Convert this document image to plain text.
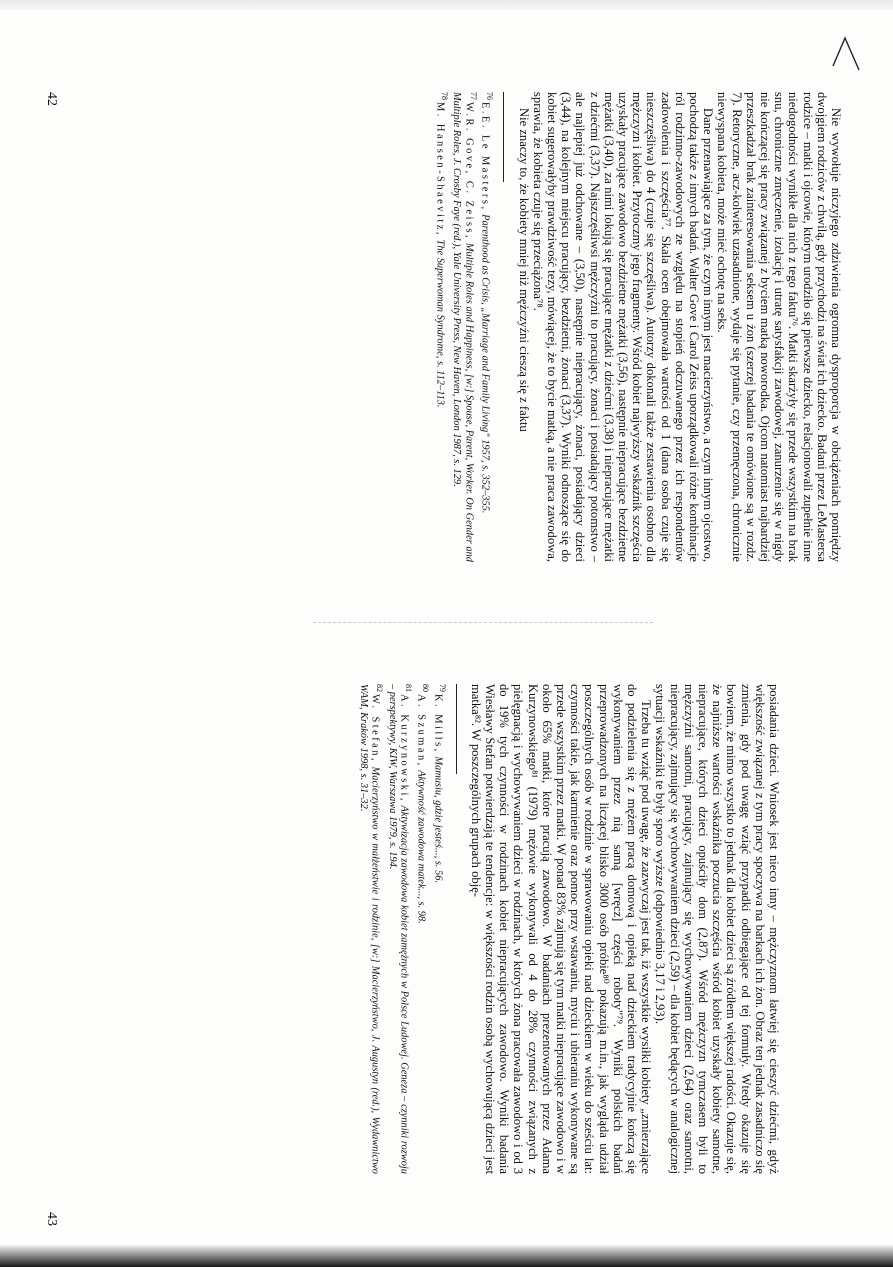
Nie wywołuje niczyjego zdziwienia ogromna dysproporcja w obciążeniach pomiędzy dwojgiem rodziców z chwilą, gdy przychodzi na świat ich dziecko. Badani przez LeMastersa rodzice – matki i ojcowie, którym urodziło się pierwsze dziecko, relacjonowali zupełnie inne niedogodności wynikłe dla nich z tego faktu⁷⁶. Matki skarżyły się przede wszystkim na brak snu, chroniczne zmęczenie, izolację i utratę satysfakcji zawodowej, zanurzenie się w nigdy nie kończącej się pracy związanej z byciem matką noworodka. Ojcom natomiast najbardziej przeszkadzał brak zainteresowania seksem u żon (szerzej badania te omówione są w rozdz. 7). Retoryczne, acz-kolwiek uzasadnione, wydaje się pytanie, czy przemęczona, chronicznie niewyspana kobieta, może mieć ochotę na seks.

Dane przenawiające za tym, że czym innym jest macierzyństwo, a czym innym ojcostwo, pochodzą także z innych badań. Walter Gove i Carol Zeiss uporządkowali różne kombinacje ról rodzinno-zawodowych ze względu na stopień odczuwanego przez ich respondentów zadowolenia i szczęścia⁷⁷. Skala ocen obejmowała wartości od 1 (dana osoba czuje się nieszczęśliwa) do 4 (czuje się szczęśliwa). Autorzy dokonali także zestawienia osobno dla mężczyzn i kobiet. Przytoczmy jego fragmenty. Wśród kobiet najwyższy wskaźnik szczęścia uzyskały pracujące zawodowo bezdzietne mężatki (3,56), następnie niepracujące bezdzietne mężatki (3,40), za nimi lokują się pracujące mężatki z dziećmi (3,38) i niepracujące mężatki z dziećmi (3,37). Najszczęśliwsi mężczyźni to pracujący, żonaci i posiadający potomstwo – ale najlepiej już odchowane – (3,50), następnie niepracujący, żonaci, posiadający dzieci (3,44), na kolejnym miejscu pracujący, bezdzietni, żonaci (3,37). Wyniki odnoszące się do kobiet sugerowałyby prawdziwość tezy, mówiącej, że to bycie matką, a nie praca zawodowa, sprawia, że kobieta czuje się przeciążona⁷⁸.

Nie znaczy to, że kobiety mniej niż mężczyźni cieszą się z faktu

$^{76}$E.E. Le Masters, Parenthood as Crisis, „Marriage and Family Living" 1957, s. 352–355.

$^{77}$W.R. Gove, C. Zeiss, Multiple Roles and Happiness, [w:] Spouse, Parent, Worker. On Gender and Multiple Roles, J. Crosby Faye (red.), Yale University Press, New Haven, London 1987, s. 129.

$^{78}$M. Hansen-Shaevitz, The Superwoman Syndrome, s. 112–113.

42

posiadania dzieci. Wniosek jest nieco inny – mężczyznom łatwiej się cieszyć dziećmi, gdyż większość związanej z tym pracy spoczywa na barkach ich żon. Obraz ten jednak zasadniczo się zmienia, gdy pod uwagę wziąć przypadki odbiegające od tej formuły. Wtedy okazuje się bowiem, że mimo wszystko to jednak dla kobiet dzieci są źródłem większej radości. Okazuje się, że najniższe wartości wskaźnika poczucia szczęścia wśród kobiet uzyskały kobiety samotne, niepracujące, których dzieci opuściły dom (2,87). Wśród mężczyzn tymczasem byli to mężczyźni samotni, pracujący, zajmujący się wychowywaniem dzieci (2,64) oraz samotni, niepracujący, zajmujący się wychowywaniem dzieci (2,59) – dla kobiet będących w analogicznej sytuacji wskaźniki te były sporo wyższe (odpowiednio 3,17 i 2,93).

Trzeba tu wziąć pod uwagę, że zazwyczaj jest tak, iż wszystkie wysiłki kobiety „zmierzające do podzielenia się z mężem pracą domową i opieką nad dzieckiem tradycyjnie kończą się wykonywaniem przez nią samą [wręcz] części roboty"⁷⁹. Wyniki polskich badań przeprowadzonych na liczącej blisko 3000 osób próbie⁸⁰ pokazują m.in., jak wygląda udział poszczególnych osób w rodzinie w sprawowaniu opieki nad dzieckiem w wieku do sześciu lat: czynności takie, jak karmienie oraz pomoc przy wstawaniu, myciu i ubieraniu wykonywane są przede wszystkim przez matki. W ponad 83% zajmują się tym matki niepracujące zawodowo i w około 65% matki, które pracują zawodowo. W badaniach prezentowanych przez Adama Kurzynowskiego⁸¹ (1979) mężowie wykonywali od 4 do 28% czynności związanych z pielęgnacją i wychowywaniem dzieci w rodzinach, w których żona pracowała zawodowo i od 3 do 19% tych czynności w rodzinach kobiet niepracujących zawodowo. Wyniki badania Wiesławy Stefan potwierdzają te tendencje: w większości rodzin osobą wychowującą dzieci jest matka⁸². W poszczególnych grupach obję-

$^{79}$K. Mills, Mamusiu, gdzie jesteś..., s. 56.

$^{80}$A. Szuman, Aktywność zawodowa matek..., s. 98.

$^{81}$A. Kurzynowski, Aktywizacja zawodowa kobiet zamężnych w Polsce Ludowej. Geneza – czynniki rozwoju – perspektywy, KIW, Warszawa 1979, s. 194.

$^{82}$W. Stefan, Macierzyństwo w małżeństwie i rodzinie, [w:] Macierzyństwo, J. Augustyn (red.), Wydawnictwo WAM, Kraków 1998, s. 31–32.

43
